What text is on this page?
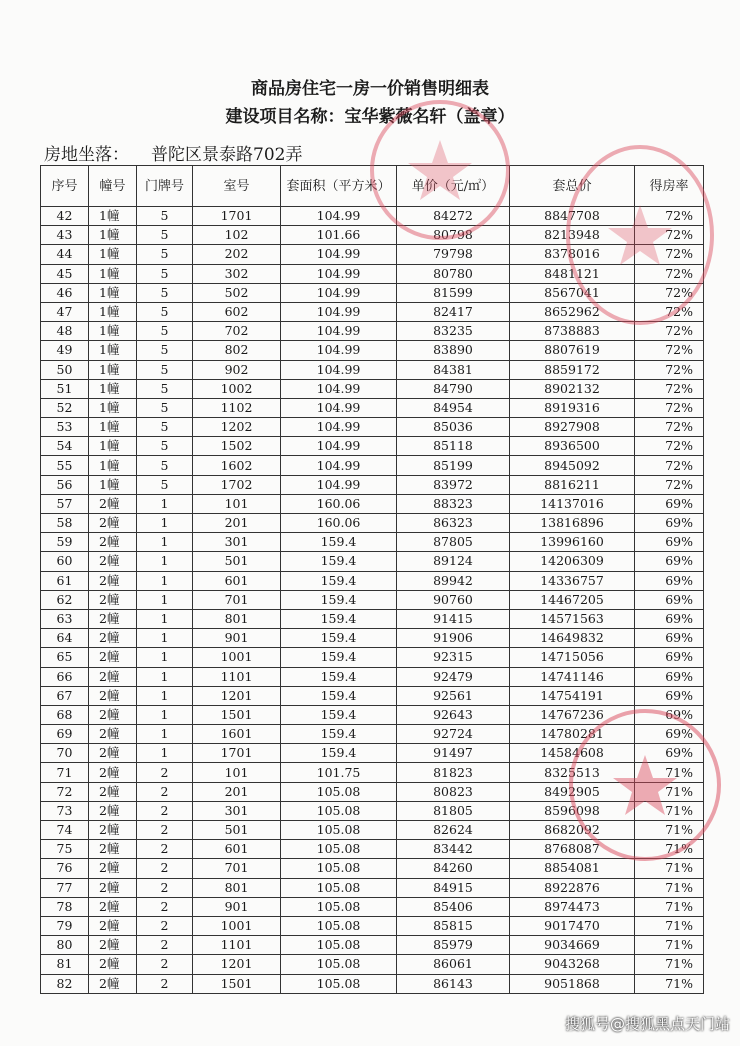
商品房住宅一房一价销售明细表
建设项目名称：宝华紫薇名轩（盖章）
房地坐落： 普陀区景泰路702弄
序号	幢号	门牌号	室号	套面积（平方米）	单价（元/㎡）	套总价	得房率
42	1幢	5	1701	104.99	84272	8847708	72%
43	1幢	5	102	101.66	80798	8213948	72%
44	1幢	5	202	104.99	79798	8378016	72%
45	1幢	5	302	104.99	80780	8481121	72%
46	1幢	5	502	104.99	81599	8567041	72%
47	1幢	5	602	104.99	82417	8652962	72%
48	1幢	5	702	104.99	83235	8738883	72%
49	1幢	5	802	104.99	83890	8807619	72%
50	1幢	5	902	104.99	84381	8859172	72%
51	1幢	5	1002	104.99	84790	8902132	72%
52	1幢	5	1102	104.99	84954	8919316	72%
53	1幢	5	1202	104.99	85036	8927908	72%
54	1幢	5	1502	104.99	85118	8936500	72%
55	1幢	5	1602	104.99	85199	8945092	72%
56	1幢	5	1702	104.99	83972	8816211	72%
57	2幢	1	101	160.06	88323	14137016	69%
58	2幢	1	201	160.06	86323	13816896	69%
59	2幢	1	301	159.4	87805	13996160	69%
60	2幢	1	501	159.4	89124	14206309	69%
61	2幢	1	601	159.4	89942	14336757	69%
62	2幢	1	701	159.4	90760	14467205	69%
63	2幢	1	801	159.4	91415	14571563	69%
64	2幢	1	901	159.4	91906	14649832	69%
65	2幢	1	1001	159.4	92315	14715056	69%
66	2幢	1	1101	159.4	92479	14741146	69%
67	2幢	1	1201	159.4	92561	14754191	69%
68	2幢	1	1501	159.4	92643	14767236	69%
69	2幢	1	1601	159.4	92724	14780281	69%
70	2幢	1	1701	159.4	91497	14584608	69%
71	2幢	2	101	101.75	81823	8325513	71%
72	2幢	2	201	105.08	80823	8492905	71%
73	2幢	2	301	105.08	81805	8596098	71%
74	2幢	2	501	105.08	82624	8682092	71%
75	2幢	2	601	105.08	83442	8768087	71%
76	2幢	2	701	105.08	84260	8854081	71%
77	2幢	2	801	105.08	84915	8922876	71%
78	2幢	2	901	105.08	85406	8974473	71%
79	2幢	2	1001	105.08	85815	9017470	71%
80	2幢	2	1101	105.08	85979	9034669	71%
81	2幢	2	1201	105.08	86061	9043268	71%
82	2幢	2	1501	105.08	86143	9051868	71%
搜狐号@搜狐黑点天门站
